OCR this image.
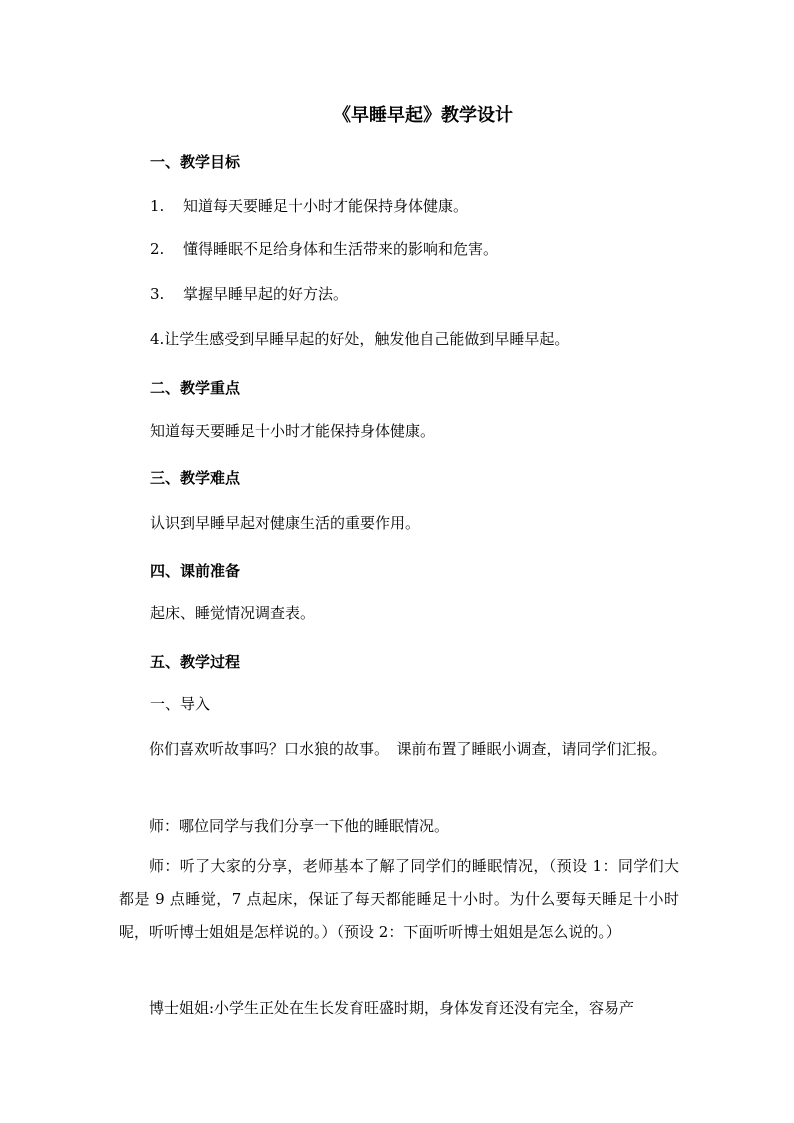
《早睡早起》教学设计
一、教学目标

1. 知道每天要睡足十小时才能保持身体健康。

2. 懂得睡眠不足给身体和生活带来的影响和危害。

3. 掌握早睡早起的好方法。

4.让学生感受到早睡早起的好处，触发他自己能做到早睡早起。

二、教学重点

知道每天要睡足十小时才能保持身体健康。

三、教学难点

认识到早睡早起对健康生活的重要作用。

四、课前准备

起床、睡觉情况调查表。

五、教学过程

一、导入

你们喜欢听故事吗？口水狼的故事。　课前布置了睡眠小调查，请同学们汇报。

师：哪位同学与我们分享一下他的睡眠情况。

师：听了大家的分享，老师基本了解了同学们的睡眠情况，（预设 1：同学们大都是 9 点睡觉，7 点起床，保证了每天都能睡足十小时。为什么要每天睡足十小时呢，听听博士姐姐是怎样说的。）（预设 2：下面听听博士姐姐是怎么说的。）

博士姐姐:小学生正处在生长发育旺盛时期，身体发育还没有完全，容易产
